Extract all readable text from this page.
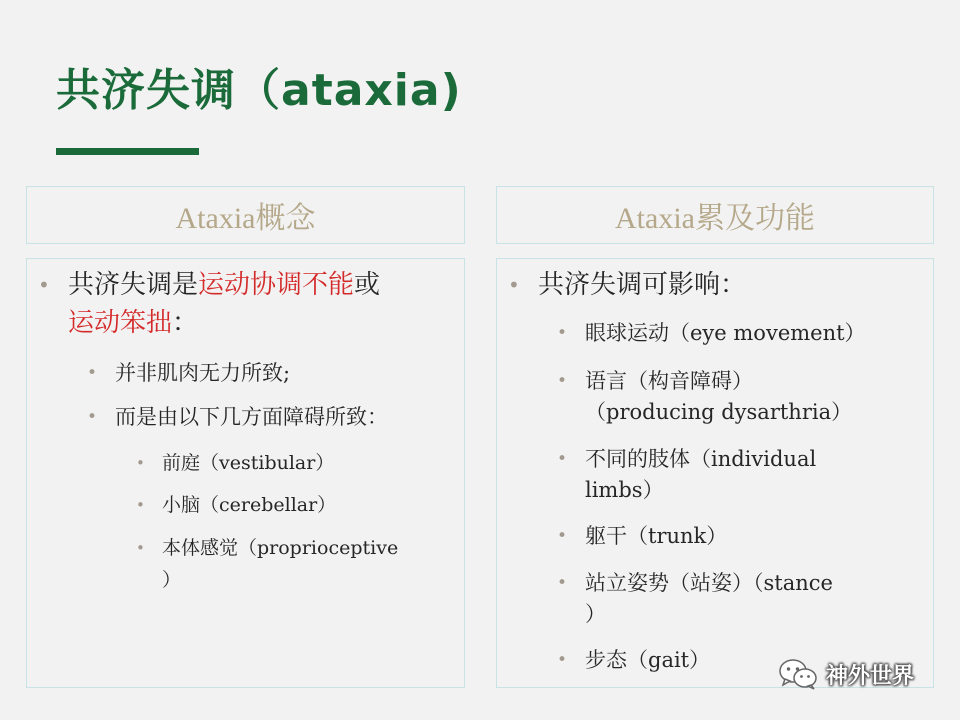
共济失调（ataxia)
Ataxia概念	Ataxia累及功能
• 共济失调是运动协调不能或
运动笨拙：
• 并非肌肉无力所致;
• 而是由以下几方面障碍所致：
• 前庭（vestibular）
• 小脑（cerebellar）
• 本体感觉（proprioceptive
）
• 共济失调可影响：
• 眼球运动（eye movement）
• 语言（构音障碍）
（producing dysarthria）
• 不同的肢体（individual
limbs）
• 躯干（trunk）
• 站立姿势（站姿）（stance
）
• 步态（gait）
神外世界
